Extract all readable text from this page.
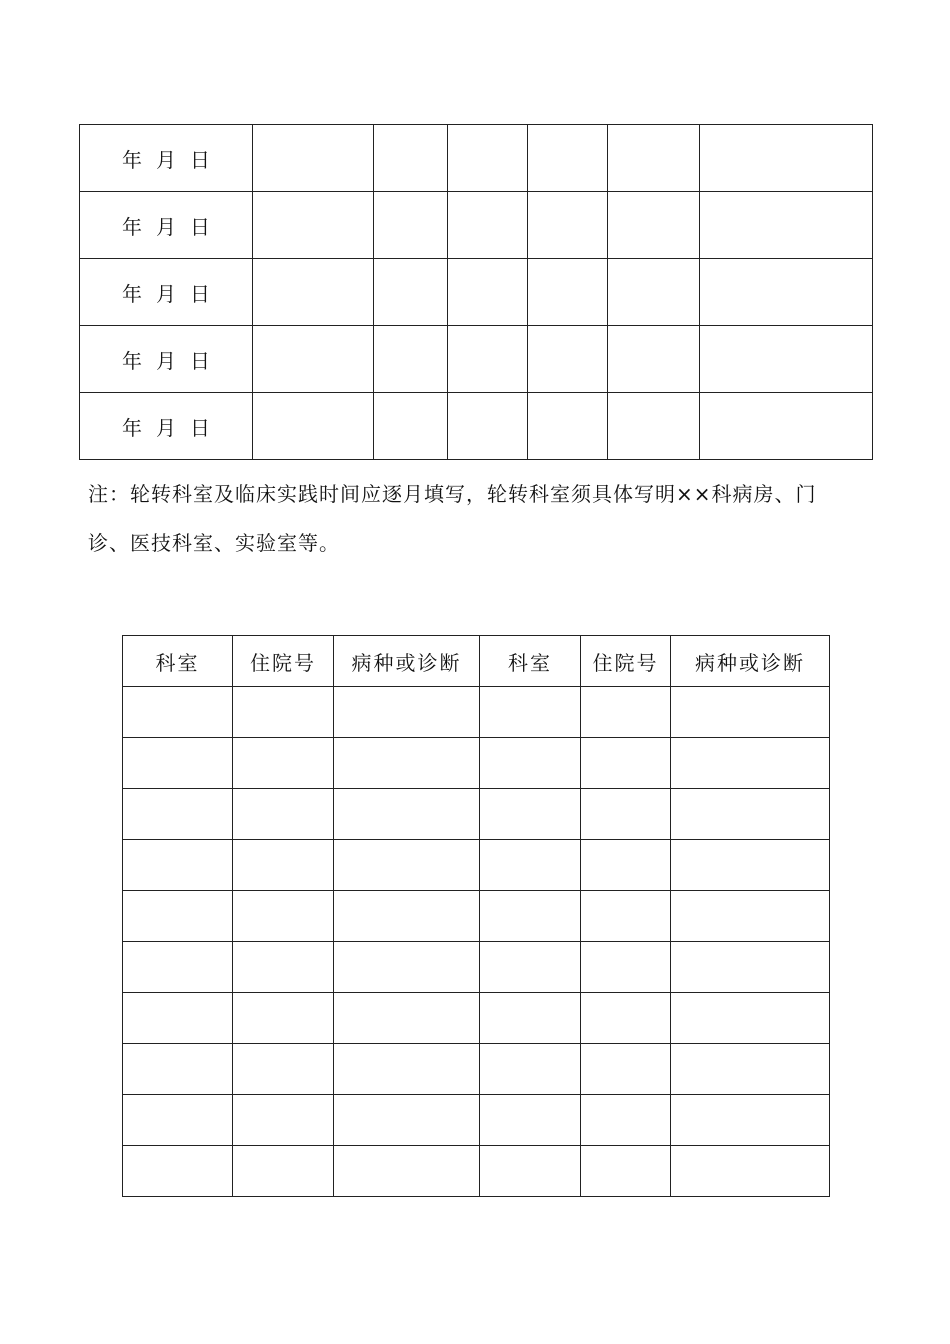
年 月 日						
年 月 日						
年 月 日						
年 月 日						
年 月 日						
注：轮转科室及临床实践时间应逐月填写，轮转科室须具体写明××科病房、门诊、医技科室、实验室等。
科室	住院号	病种或诊断	科室	住院号	病种或诊断
